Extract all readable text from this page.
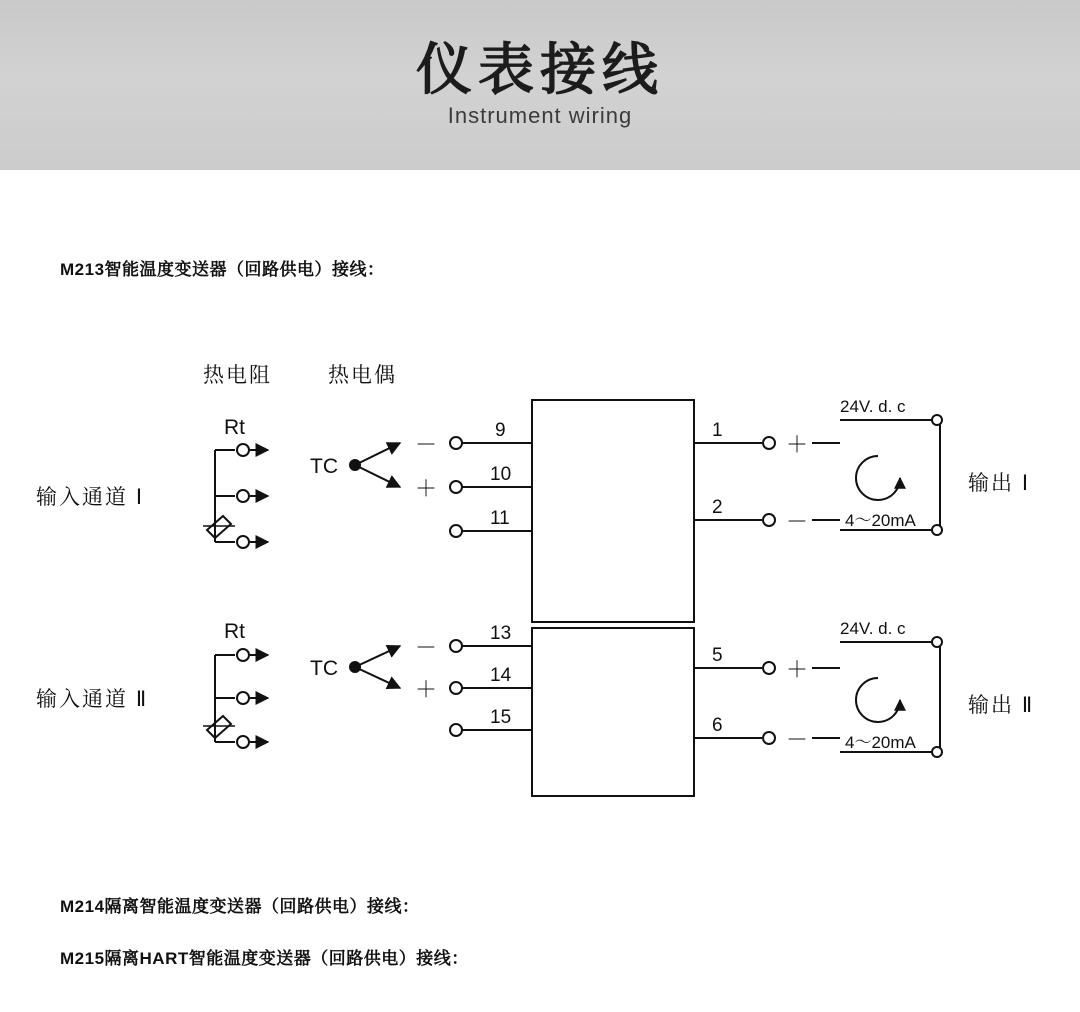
仪表接线
Instrument wiring
M213智能温度变送器（回路供电）接线：
M214隔离智能温度变送器（回路供电）接线：
M215隔离HART智能温度变送器（回路供电）接线：
热电阻	热电偶
输入通道 Ⅰ
Rt
TC
－
＋
9
10
11
1
2
＋
－
24V. d. c
4～20mA
输出 Ⅰ
输入通道 Ⅱ
Rt
TC
－
＋
13
14
15
5
6
＋
－
24V. d. c
4～20mA
输出 Ⅱ
